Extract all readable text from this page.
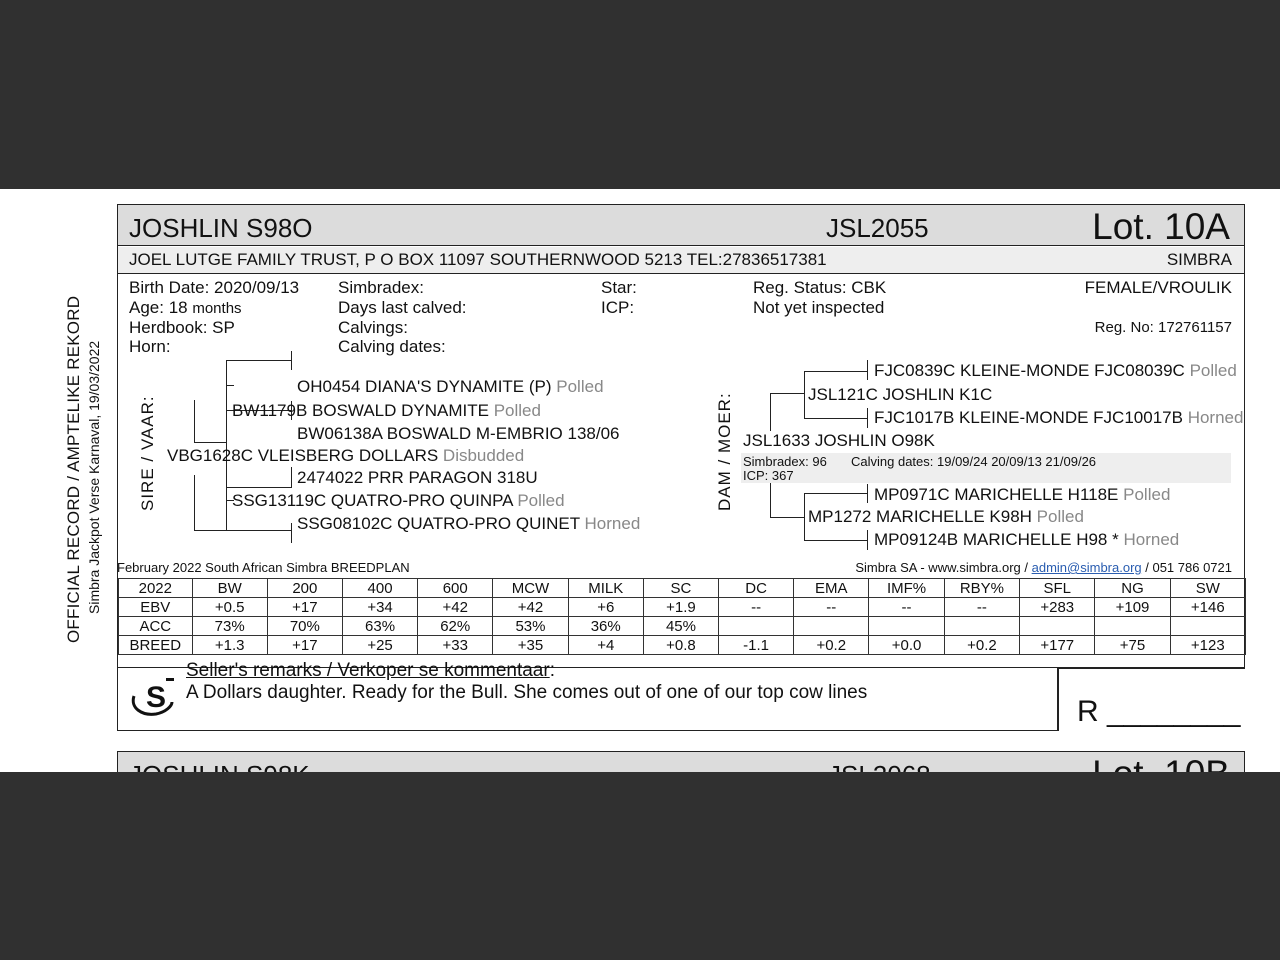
OFFICIAL RECORD / AMPTELIKE REKORD Simbra Jackpot Verse Karnaval, 19/03/2022
JOSHLIN S98O	JSL2055	Lot. 10A
JOEL LUTGE FAMILY TRUST, P O BOX 11097 SOUTHERNWOOD 5213 TEL:27836517381	SIMBRA
Birth Date: 2020/09/13
Age: 18 months
Herdbook: SP
Horn:
Simbradex:
Days last calved:
Calvings:
Calving dates:
Star:
ICP:
Reg. Status: CBK
Not yet inspected
FEMALE/VROULIK
Reg. No: 172761157
SIRE / VAAR:
OH0454 DIANA'S DYNAMITE (P) Polled
BW1179B BOSWALD DYNAMITE Polled
BW06138A BOSWALD M-EMBRIO 138/06
VBG1628C VLEISBERG DOLLARS Disbudded
2474022 PRR PARAGON 318U
SSG13119C QUATRO-PRO QUINPA Polled
SSG08102C QUATRO-PRO QUINET Horned
DAM / MOER:
FJC0839C KLEINE-MONDE FJC08039C Polled
JSL121C JOSHLIN K1C
FJC1017B KLEINE-MONDE FJC10017B Horned
JSL1633 JOSHLIN O98K
Simbradex: 96 Calving dates: 19/09/24 20/09/13 21/09/26
ICP: 367
MP0971C MARICHELLE H118E Polled
MP1272 MARICHELLE K98H Polled
MP09124B MARICHELLE H98 * Horned
February 2022 South African Simbra BREEDPLAN	Simbra SA - www.simbra.org / admin@simbra.org / 051 786 0721
2022	BW	200	400	600	MCW	MILK	SC	DC	EMA	IMF%	RBY%	SFL	NG	SW
EBV	+0.5	+17	+34	+42	+42	+6	+1.9	--	--	--	--	+283	+109	+146
ACC	73%	70%	63%	62%	53%	36%	45%							
BREED	+1.3	+17	+25	+33	+35	+4	+0.8	-1.1	+0.2	+0.0	+0.2	+177	+75	+123
S
Seller's remarks / Verkoper se kommentaar:
A Dollars daughter. Ready for the Bull. She comes out of one of our top cow lines
R ________
